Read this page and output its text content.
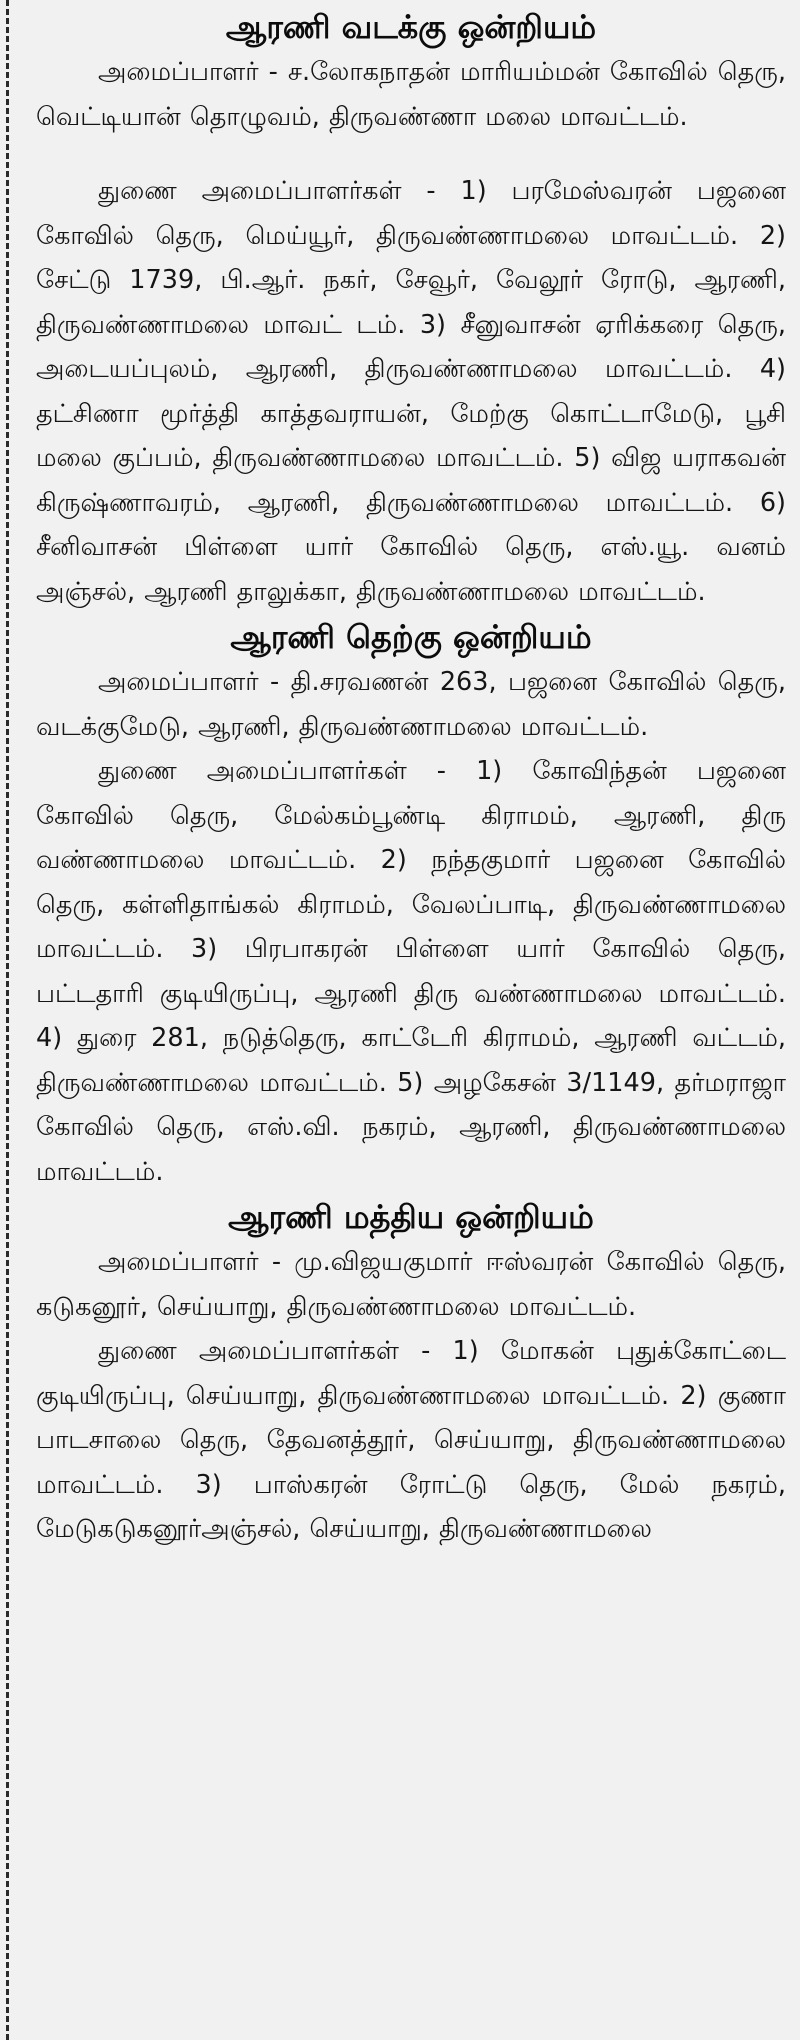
ஆரணி வடக்கு ஒன்றியம்

அமைப்பாளர் - ச.லோகநாதன் மாரியம்மன் கோவில் தெரு, வெட்டியான் தொழுவம், திருவண்ணா மலை மாவட்டம்.

துணை அமைப்பாளர்கள் - 1) பரமேஸ்வரன் பஜனை கோவில் தெரு, மெய்யூர், திருவண்ணாமலை மாவட்டம். 2) சேட்டு 1739, பி.ஆர். நகர், சேவூர், வேலூர் ரோடு, ஆரணி, திருவண்ணாமலை மாவட் டம். 3) சீனுவாசன் ஏரிக்கரை தெரு, அடையப்புலம், ஆரணி, திருவண்ணாமலை மாவட்டம். 4) தட்சிணா மூர்த்தி காத்தவராயன், மேற்கு கொட்டாமேடு, பூசி மலை குப்பம், திருவண்ணாமலை மாவட்டம். 5) விஜ யராகவன் கிருஷ்ணாவரம், ஆரணி, திருவண்ணாமலை மாவட்டம். 6) சீனிவாசன் பிள்ளை யார் கோவில் தெரு, எஸ்.யூ. வனம் அஞ்சல், ஆரணி தாலுக்கா, திருவண்ணாமலை மாவட்டம்.

ஆரணி தெற்கு ஒன்றியம்

அமைப்பாளர் - தி.சரவணன் 263, பஜனை கோவில் தெரு, வடக்குமேடு, ஆரணி, திருவண்ணாமலை மாவட்டம்.

துணை அமைப்பாளர்கள் - 1) கோவிந்தன் பஜனை கோவில் தெரு, மேல்கம்பூண்டி கிராமம், ஆரணி, திரு வண்ணாமலை மாவட்டம். 2) நந்தகுமார் பஜனை கோவில் தெரு, கள்ளிதாங்கல் கிராமம், வேலப்பாடி, திருவண்ணாமலை மாவட்டம். 3) பிரபாகரன் பிள்ளை யார் கோவில் தெரு, பட்டதாரி குடியிருப்பு, ஆரணி திரு வண்ணாமலை மாவட்டம். 4) துரை 281, நடுத்தெரு, காட்டேரி கிராமம், ஆரணி வட்டம், திருவண்ணாமலை மாவட்டம். 5) அழகேசன் 3/1149, தர்மராஜா கோவில் தெரு, எஸ்.வி. நகரம், ஆரணி, திருவண்ணாமலை மாவட்டம்.

ஆரணி மத்திய ஒன்றியம்

அமைப்பாளர் - மு.விஜயகுமார் ஈஸ்வரன் கோவில் தெரு, கடுகனூர், செய்யாறு, திருவண்ணாமலை மாவட்டம்.

துணை அமைப்பாளர்கள் - 1) மோகன் புதுக்கோட்டை குடியிருப்பு, செய்யாறு, திருவண்ணாமலை மாவட்டம். 2) குணா பாடசாலை தெரு, தேவனத்தூர், செய்யாறு, திருவண்ணாமலை மாவட்டம். 3) பாஸ்கரன் ரோட்டு தெரு, மேல் நகரம், மேடுகடுகனூர்அஞ்சல், செய்யாறு, திருவண்ணாமலை
